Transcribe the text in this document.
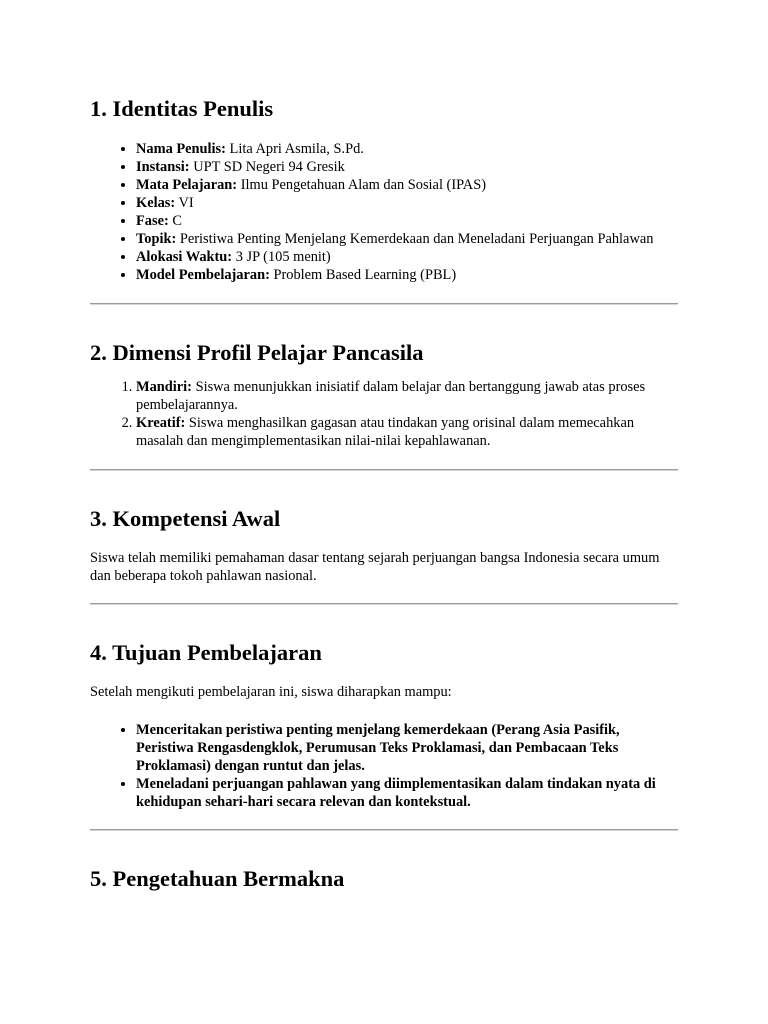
1. Identitas Penulis
• Nama Penulis: Lita Apri Asmila, S.Pd.
• Instansi: UPT SD Negeri 94 Gresik
• Mata Pelajaran: Ilmu Pengetahuan Alam dan Sosial (IPAS)
• Kelas: VI
• Fase: C
• Topik: Peristiwa Penting Menjelang Kemerdekaan dan Meneladani Perjuangan Pahlawan
• Alokasi Waktu: 3 JP (105 menit)
• Model Pembelajaran: Problem Based Learning (PBL)
2. Dimensi Profil Pelajar Pancasila
1. Mandiri: Siswa menunjukkan inisiatif dalam belajar dan bertanggung jawab atas proses pembelajarannya.
2. Kreatif: Siswa menghasilkan gagasan atau tindakan yang orisinal dalam memecahkan masalah dan mengimplementasikan nilai-nilai kepahlawanan.
3. Kompetensi Awal

Siswa telah memiliki pemahaman dasar tentang sejarah perjuangan bangsa Indonesia secara umum dan beberapa tokoh pahlawan nasional.

4. Tujuan Pembelajaran

Setelah mengikuti pembelajaran ini, siswa diharapkan mampu:

• Menceritakan peristiwa penting menjelang kemerdekaan (Perang Asia Pasifik, Peristiwa Rengasdengklok, Perumusan Teks Proklamasi, dan Pembacaan Teks Proklamasi) dengan runtut dan jelas.
• Meneladani perjuangan pahlawan yang diimplementasikan dalam tindakan nyata di kehidupan sehari-hari secara relevan dan kontekstual.
5. Pengetahuan Bermakna
